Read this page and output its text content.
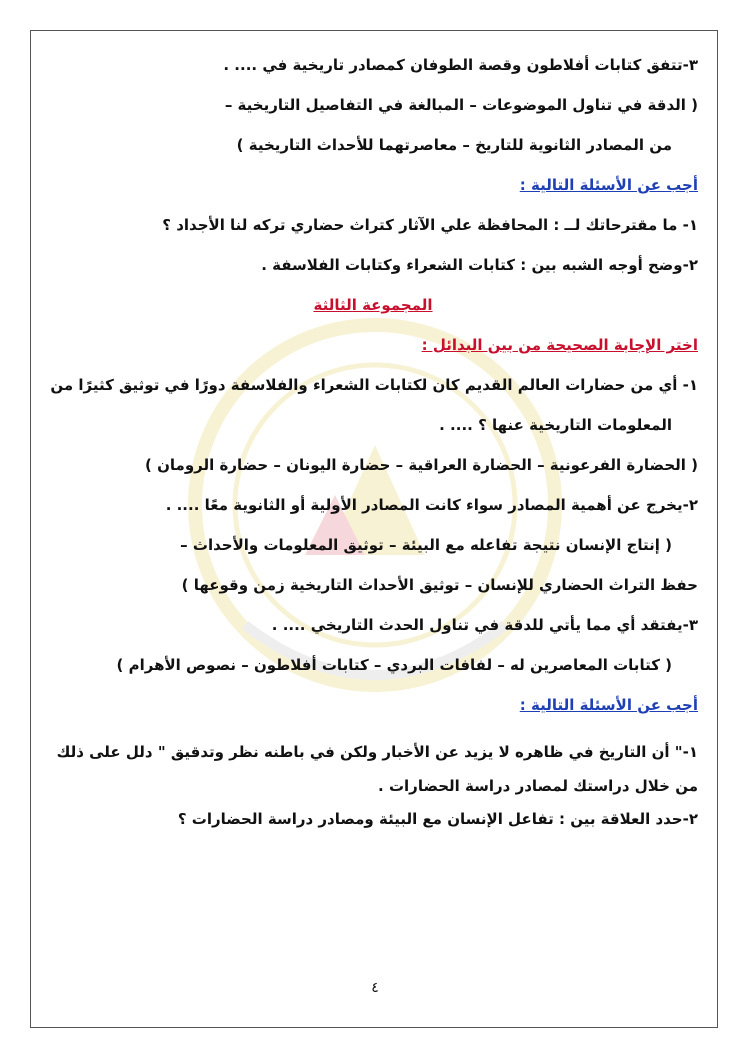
٣-تتفق كتابات أفلاطون وقصة الطوفان كمصادر تاريخية في .... .
( الدقة في تناول الموضوعات – المبالغة في التفاصيل التاريخية –
من المصادر الثانوية للتاريخ – معاصرتهما للأحداث التاريخية )
أجب عن الأسئلة التالية :
١- ما مقترحاتك لــ : المحافظة علي الآثار كتراث حضاري تركه لنا الأجداد ؟
٢-وضح أوجه الشبه بين : كتابات الشعراء وكتابات الفلاسفة .
المجموعة الثالثة
اختر الإجابة الصحيحة من بين البدائل :
١- أي من حضارات العالم القديم كان لكتابات الشعراء والفلاسفة دورًا في توثيق كثيرًا من
المعلومات التاريخية عنها ؟ .... .
( الحضارة الفرعونية – الحضارة العراقية – حضارة اليونان – حضارة الرومان )
٢-يخرج عن أهمية المصادر سواء كانت المصادر الأولية أو الثانوية معًا .... .
( إنتاج الإنسان نتيجة تفاعله مع البيئة – توثيق المعلومات والأحداث –
حفظ التراث الحضاري للإنسان – توثيق الأحداث التاريخية زمن وقوعها )
٣-يفتقد أي مما يأتي للدقة في تناول الحدث التاريخي .... .
( كتابات المعاصرين له – لفافات البردي – كتابات أفلاطون – نصوص الأهرام )
أجب عن الأسئلة التالية :
١-" أن التاريخ في ظاهره لا يزيد عن الأخبار ولكن في باطنه نظر وتدقيق " دلل على ذلك من خلال دراستك لمصادر دراسة الحضارات .
٢-حدد العلاقة بين : تفاعل الإنسان مع البيئة ومصادر دراسة الحضارات ؟
٤
